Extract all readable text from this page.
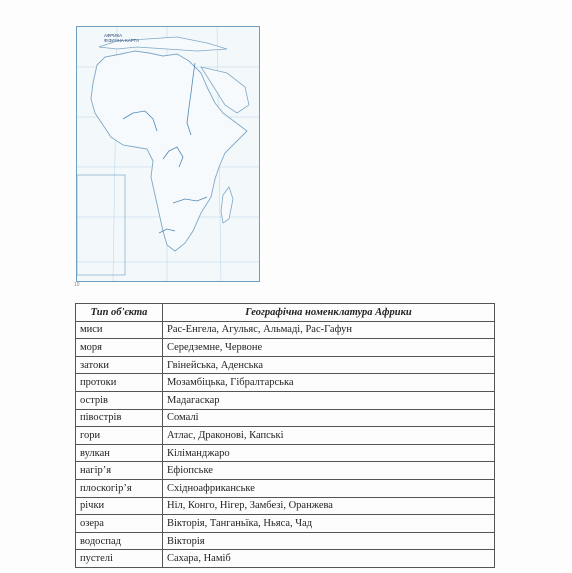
АФРИКА
ФІЗИЧНА КАРТА
10
Тип об'єкта	Географічна номенклатура Африки
миси	Рас-Енгела, Агульяс, Альмаді, Рас-Гафун
моря	Середземне, Червоне
затоки	Гвінейська, Аденська
протоки	Мозамбіцька, Гібралтарська
острів	Мадагаскар
півострів	Сомалі
гори	Атлас, Драконові, Капські
вулкан	Кіліманджаро
нагір’я	Ефіопське
плоскогір’я	Східноафриканське
річки	Ніл, Конго, Нігер, Замбезі, Оранжева
озера	Вікторія, Танганьїка, Ньяса, Чад
водоспад	Вікторія
пустелі	Сахара, Наміб
